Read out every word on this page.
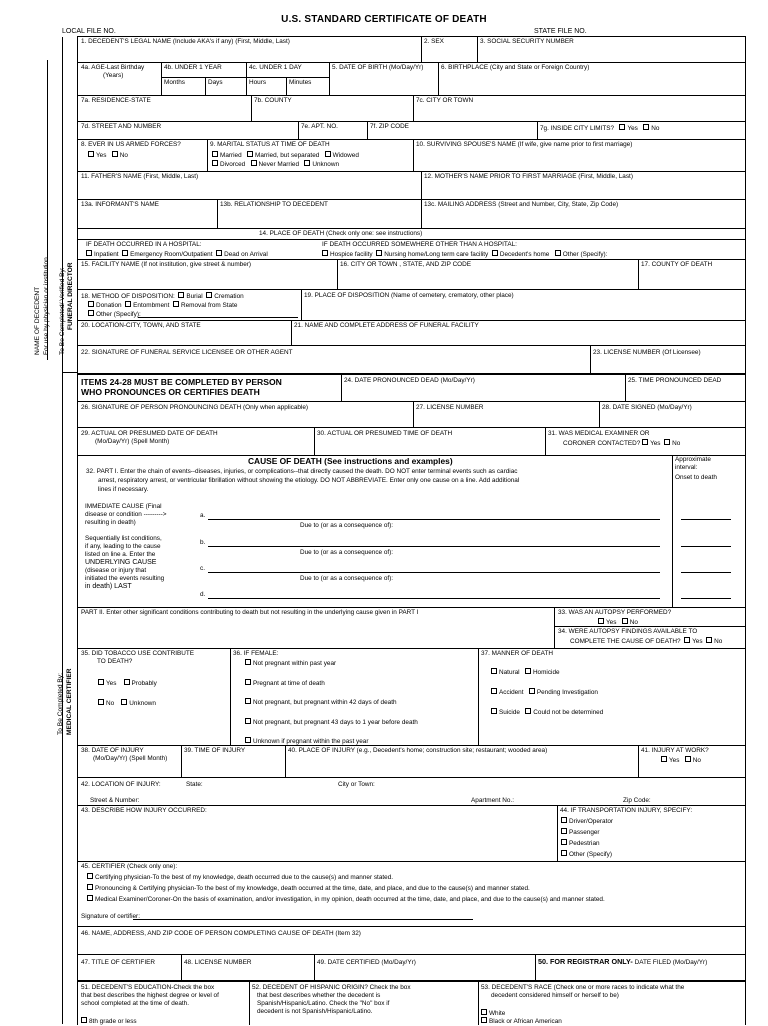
U.S. STANDARD CERTIFICATE OF DEATH
LOCAL FILE NO.	STATE FILE NO.
NAME OF DECEDENT For use by physician or institution To Be Completed/ Verified By: FUNERAL DIRECTOR
To Be Completed By: MEDICAL CERTIFIER
1. DECEDENT'S LEGAL NAME (Include AKA's if any) (First, Middle, Last)	2. SEX	3. SOCIAL SECURITY NUMBER
4a. AGE-Last Birthday
(Years)
4b. UNDER 1 YEAR
Months	Days
4c. UNDER 1 DAY
Hours	Minutes
5. DATE OF BIRTH (Mo/Day/Yr)	6. BIRTHPLACE (City and State or Foreign Country)
7a. RESIDENCE-STATE	7b. COUNTY	7c. CITY OR TOWN
7d. STREET AND NUMBER	7e. APT. NO.	7f. ZIP CODE	7g. INSIDE CITY LIMITS? Yes No
8. EVER IN US ARMED FORCES?
Yes No
9. MARITAL STATUS AT TIME OF DEATH
Married Married, but separated Widowed
Divorced Never Married Unknown
10. SURVIVING SPOUSE'S NAME (If wife, give name prior to first marriage)
11. FATHER'S NAME (First, Middle, Last)	12. MOTHER'S NAME PRIOR TO FIRST MARRIAGE (First, Middle, Last)
13a. INFORMANT'S NAME	13b. RELATIONSHIP TO DECEDENT	13c. MAILING ADDRESS (Street and Number, City, State, Zip Code)
14. PLACE OF DEATH (Check only one: see instructions)
IF DEATH OCCURRED IN A HOSPITAL:
Inpatient Emergency Room/Outpatient Dead on Arrival
IF DEATH OCCURRED SOMEWHERE OTHER THAN A HOSPITAL:
Hospice facility Nursing home/Long term care facility Decedent's home Other (Specify):
15. FACILITY NAME (If not institution, give street & number)	16. CITY OR TOWN , STATE, AND ZIP CODE	17. COUNTY OF DEATH
18. METHOD OF DISPOSITION: Burial Cremation
Donation Entombment Removal from State
Other (Specify):
19. PLACE OF DISPOSITION (Name of cemetery, crematory, other place)
20. LOCATION-CITY, TOWN, AND STATE	21. NAME AND COMPLETE ADDRESS OF FUNERAL FACILITY
22. SIGNATURE OF FUNERAL SERVICE LICENSEE OR OTHER AGENT	23. LICENSE NUMBER (Of Licensee)
ITEMS 24-28 MUST BE COMPLETED BY PERSON
WHO PRONOUNCES OR CERTIFIES DEATH
24. DATE PRONOUNCED DEAD (Mo/Day/Yr)	25. TIME PRONOUNCED DEAD
26. SIGNATURE OF PERSON PRONOUNCING DEATH (Only when applicable)	27. LICENSE NUMBER	28. DATE SIGNED (Mo/Day/Yr)
29. ACTUAL OR PRESUMED DATE OF DEATH
(Mo/Day/Yr) (Spell Month)
30. ACTUAL OR PRESUMED TIME OF DEATH	31. WAS MEDICAL EXAMINER OR
CORONER CONTACTED? Yes No
CAUSE OF DEATH (See instructions and examples)	Approximate
interval:
Onset to death
32. PART I. Enter the chain of events--diseases, injuries, or complications--that directly caused the death. DO NOT enter terminal events such as cardiac
arrest, respiratory arrest, or ventricular fibrillation without showing the etiology. DO NOT ABBREVIATE. Enter only one cause on a line. Add additional
lines if necessary.
IMMEDIATE CAUSE (Final
disease or condition --------->
resulting in death)
a.
Due to (or as a consequence of):
Sequentially list conditions,
if any, leading to the cause
listed on line a. Enter the
UNDERLYING CAUSE
(disease or injury that
initiated the events resulting
in death) LAST
b.
Due to (or as a consequence of):
c.
Due to (or as a consequence of):
d.
PART II. Enter other significant conditions contributing to death but not resulting in the underlying cause given in PART I	33. WAS AN AUTOPSY PERFORMED?
Yes No
34. WERE AUTOPSY FINDINGS AVAILABLE TO
COMPLETE THE CAUSE OF DEATH? Yes No
35. DID TOBACCO USE CONTRIBUTE
TO DEATH?
Yes Probably
No Unknown
36. IF FEMALE:
Not pregnant within past year
Pregnant at time of death
Not pregnant, but pregnant within 42 days of death
Not pregnant, but pregnant 43 days to 1 year before death
Unknown if pregnant within the past year
37. MANNER OF DEATH
Natural Homicide
Accident Pending Investigation
Suicide Could not be determined
38. DATE OF INJURY
(Mo/Day/Yr) (Spell Month)
39. TIME OF INJURY	40. PLACE OF INJURY (e.g., Decedent's home; construction site; restaurant; wooded area)	41. INJURY AT WORK?
Yes No
42. LOCATION OF INJURY:	State:	City or Town:
Street & Number:	Apartment No.:	Zip Code:
43. DESCRIBE HOW INJURY OCCURRED:	44. IF TRANSPORTATION INJURY, SPECIFY:
Driver/Operator
Passenger
Pedestrian
Other (Specify)
45. CERTIFIER (Check only one):
Certifying physician-To the best of my knowledge, death occurred due to the cause(s) and manner stated.
Pronouncing & Certifying physician-To the best of my knowledge, death occurred at the time, date, and place, and due to the cause(s) and manner stated.
Medical Examiner/Coroner-On the basis of examination, and/or investigation, in my opinion, death occurred at the time, date, and place, and due to the cause(s) and manner stated.
Signature of certifier:
46. NAME, ADDRESS, AND ZIP CODE OF PERSON COMPLETING CAUSE OF DEATH (Item 32)
47. TITLE OF CERTIFIER	48. LICENSE NUMBER	49. DATE CERTIFIED (Mo/Day/Yr)	50. FOR REGISTRAR ONLY- DATE FILED (Mo/Day/Yr)
51. DECEDENT'S EDUCATION-Check the box
that best describes the highest degree or level of
school completed at the time of death.
8th grade or less
52. DECEDENT OF HISPANIC ORIGIN? Check the box
that best describes whether the decedent is
Spanish/Hispanic/Latino. Check the "No" box if
decedent is not Spanish/Hispanic/Latino.
53. DECEDENT'S RACE (Check one or more races to indicate what the
decedent considered himself or herself to be)
White
Black or African American
